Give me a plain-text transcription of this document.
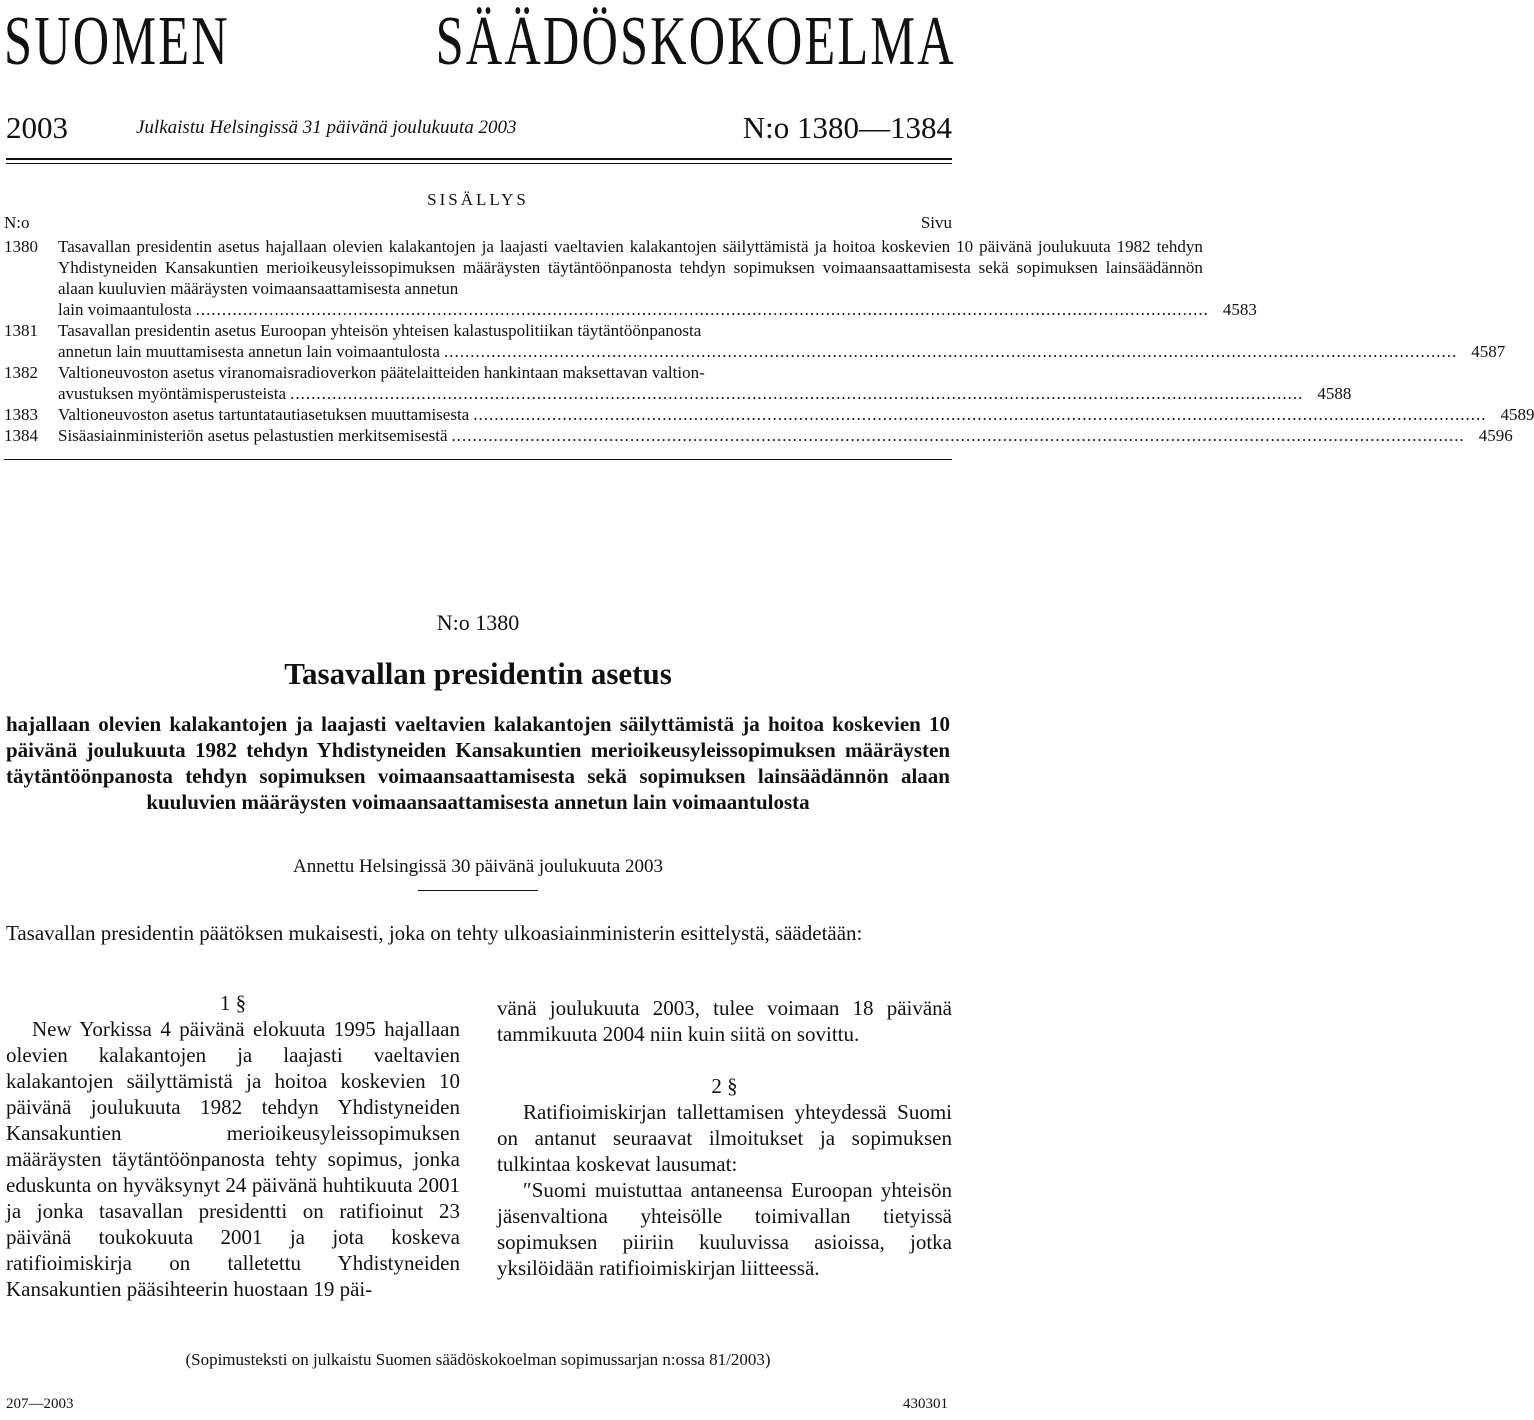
SUOMEN SÄÄDÖSKOKOELMA
2003	Julkaistu Helsingissä 31 päivänä joulukuuta 2003	N:o 1380—1384
SISÄLLYS
N:o	Sivu
1380	Tasavallan presidentin asetus hajallaan olevien kalakantojen ja laajasti vaeltavien kalakantojen säilyttämistä ja hoitoa koskevien 10 päivänä joulukuuta 1982 tehdyn Yhdistyneiden Kansakuntien merioikeusyleissopimuksen määräysten täytäntöönpanosta tehdyn sopimuksen voimaansaattamisesta sekä sopimuksen lainsäädännön alaan kuuluvien määräysten voimaansaattamisesta annetun
lain voimaantulosta .....	4583
1381	Tasavallan presidentin asetus Euroopan yhteisön yhteisen kalastuspolitiikan täytäntöönpanosta
annetun lain muuttamisesta annetun lain voimaantulosta .....	4587
1382	Valtioneuvoston asetus viranomaisradioverkon päätelaitteiden hankintaan maksettavan valtion-
avustuksen myöntämisperusteista .....	4588
1383	Valtioneuvoston asetus tartuntatautiasetuksen muuttamisesta .....	4589
1384	Sisäasiainministeriön asetus pelastustien merkitsemisestä .....	4596
N:o 1380
Tasavallan presidentin asetus
hajallaan olevien kalakantojen ja laajasti vaeltavien kalakantojen säilyttämistä ja hoitoa koskevien 10 päivänä joulukuuta 1982 tehdyn Yhdistyneiden Kansakuntien merioikeusyleissopimuksen määräysten täytäntöönpanosta tehdyn sopimuksen voimaansaattamisesta sekä sopimuksen lainsäädännön alaan kuuluvien määräysten voimaansaattamisesta annetun lain voimaantulosta
Annettu Helsingissä 30 päivänä joulukuuta 2003
Tasavallan presidentin päätöksen mukaisesti, joka on tehty ulkoasiainministerin esittelystä, säädetään:

1 §

New Yorkissa 4 päivänä elokuuta 1995 hajallaan olevien kalakantojen ja laajasti vaeltavien kalakantojen säilyttämistä ja hoitoa koskevien 10 päivänä joulukuuta 1982 tehdyn Yhdistyneiden Kansakuntien merioikeusyleissopimuksen määräysten täytäntöönpanosta tehty sopimus, jonka eduskunta on hyväksynyt 24 päivänä huhtikuuta 2001 ja jonka tasavallan presidentti on ratifioinut 23 päivänä toukokuuta 2001 ja jota koskeva ratifioimiskirja on talletettu Yhdistyneiden Kansakuntien pääsihteerin huostaan 19 päi-

vänä joulukuuta 2003, tulee voimaan 18 päivänä tammikuuta 2004 niin kuin siitä on sovittu.

2 §

Ratifioimiskirjan tallettamisen yhteydessä Suomi on antanut seuraavat ilmoitukset ja sopimuksen tulkintaa koskevat lausumat:

″Suomi muistuttaa antaneensa Euroopan yhteisön jäsenvaltiona yhteisölle toimivallan tietyissä sopimuksen piiriin kuuluvissa asioissa, jotka yksilöidään ratifioimiskirjan liitteessä.

(Sopimusteksti on julkaistu Suomen säädöskokoelman sopimussarjan n:ossa 81/2003)
207—2003	430301
